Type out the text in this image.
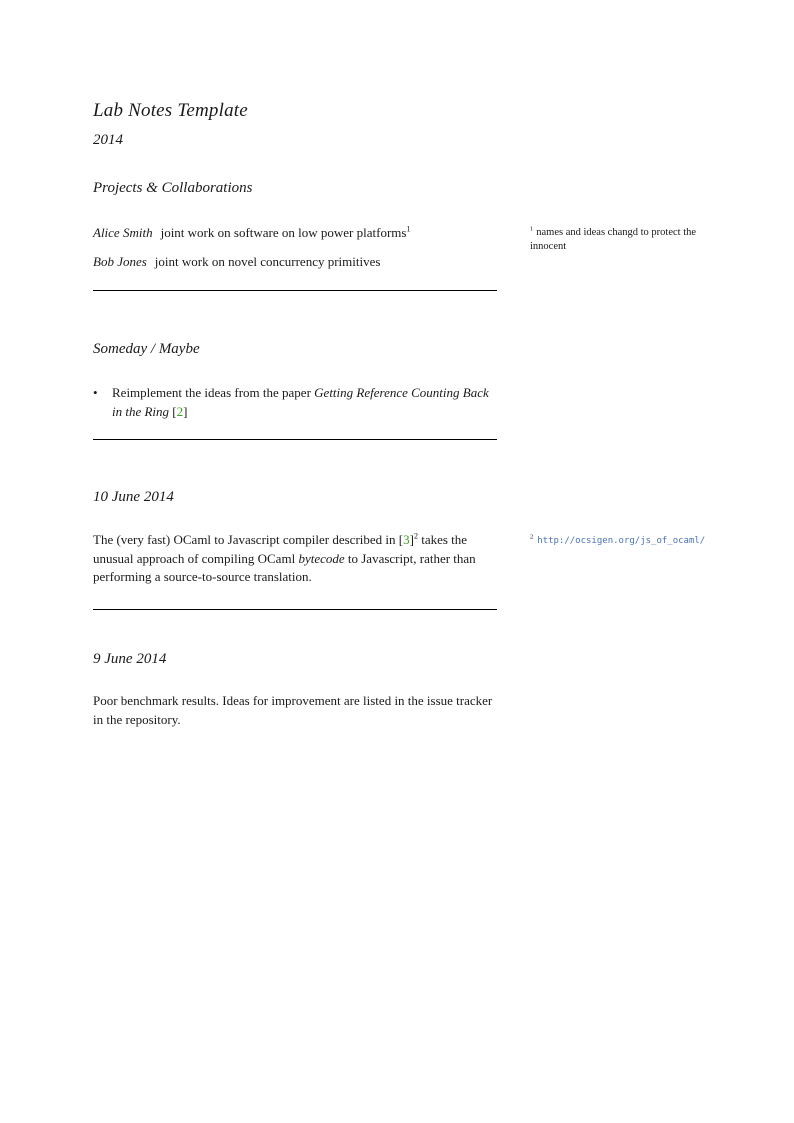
Lab Notes Template
2014
Projects & Collaborations
Alice Smith joint work on software on low power platforms$^1$
Bob Jones joint work on novel concurrency primitives
$^1$ names and ideas changd to protect the innocent
Someday / Maybe
•	Reimplement the ideas from the paper Getting Reference Counting Back in the Ring [2]
10 June 2014

The (very fast) OCaml to Javascript compiler described in [3]$^2$ takes the unusual approach of compiling OCaml bytecode to Javascript, rather than performing a source-to-source translation.

$^2$ http://ocsigen.org/js_of_ocaml/
9 June 2014

Poor benchmark results. Ideas for improvement are listed in the issue tracker in the repository.
